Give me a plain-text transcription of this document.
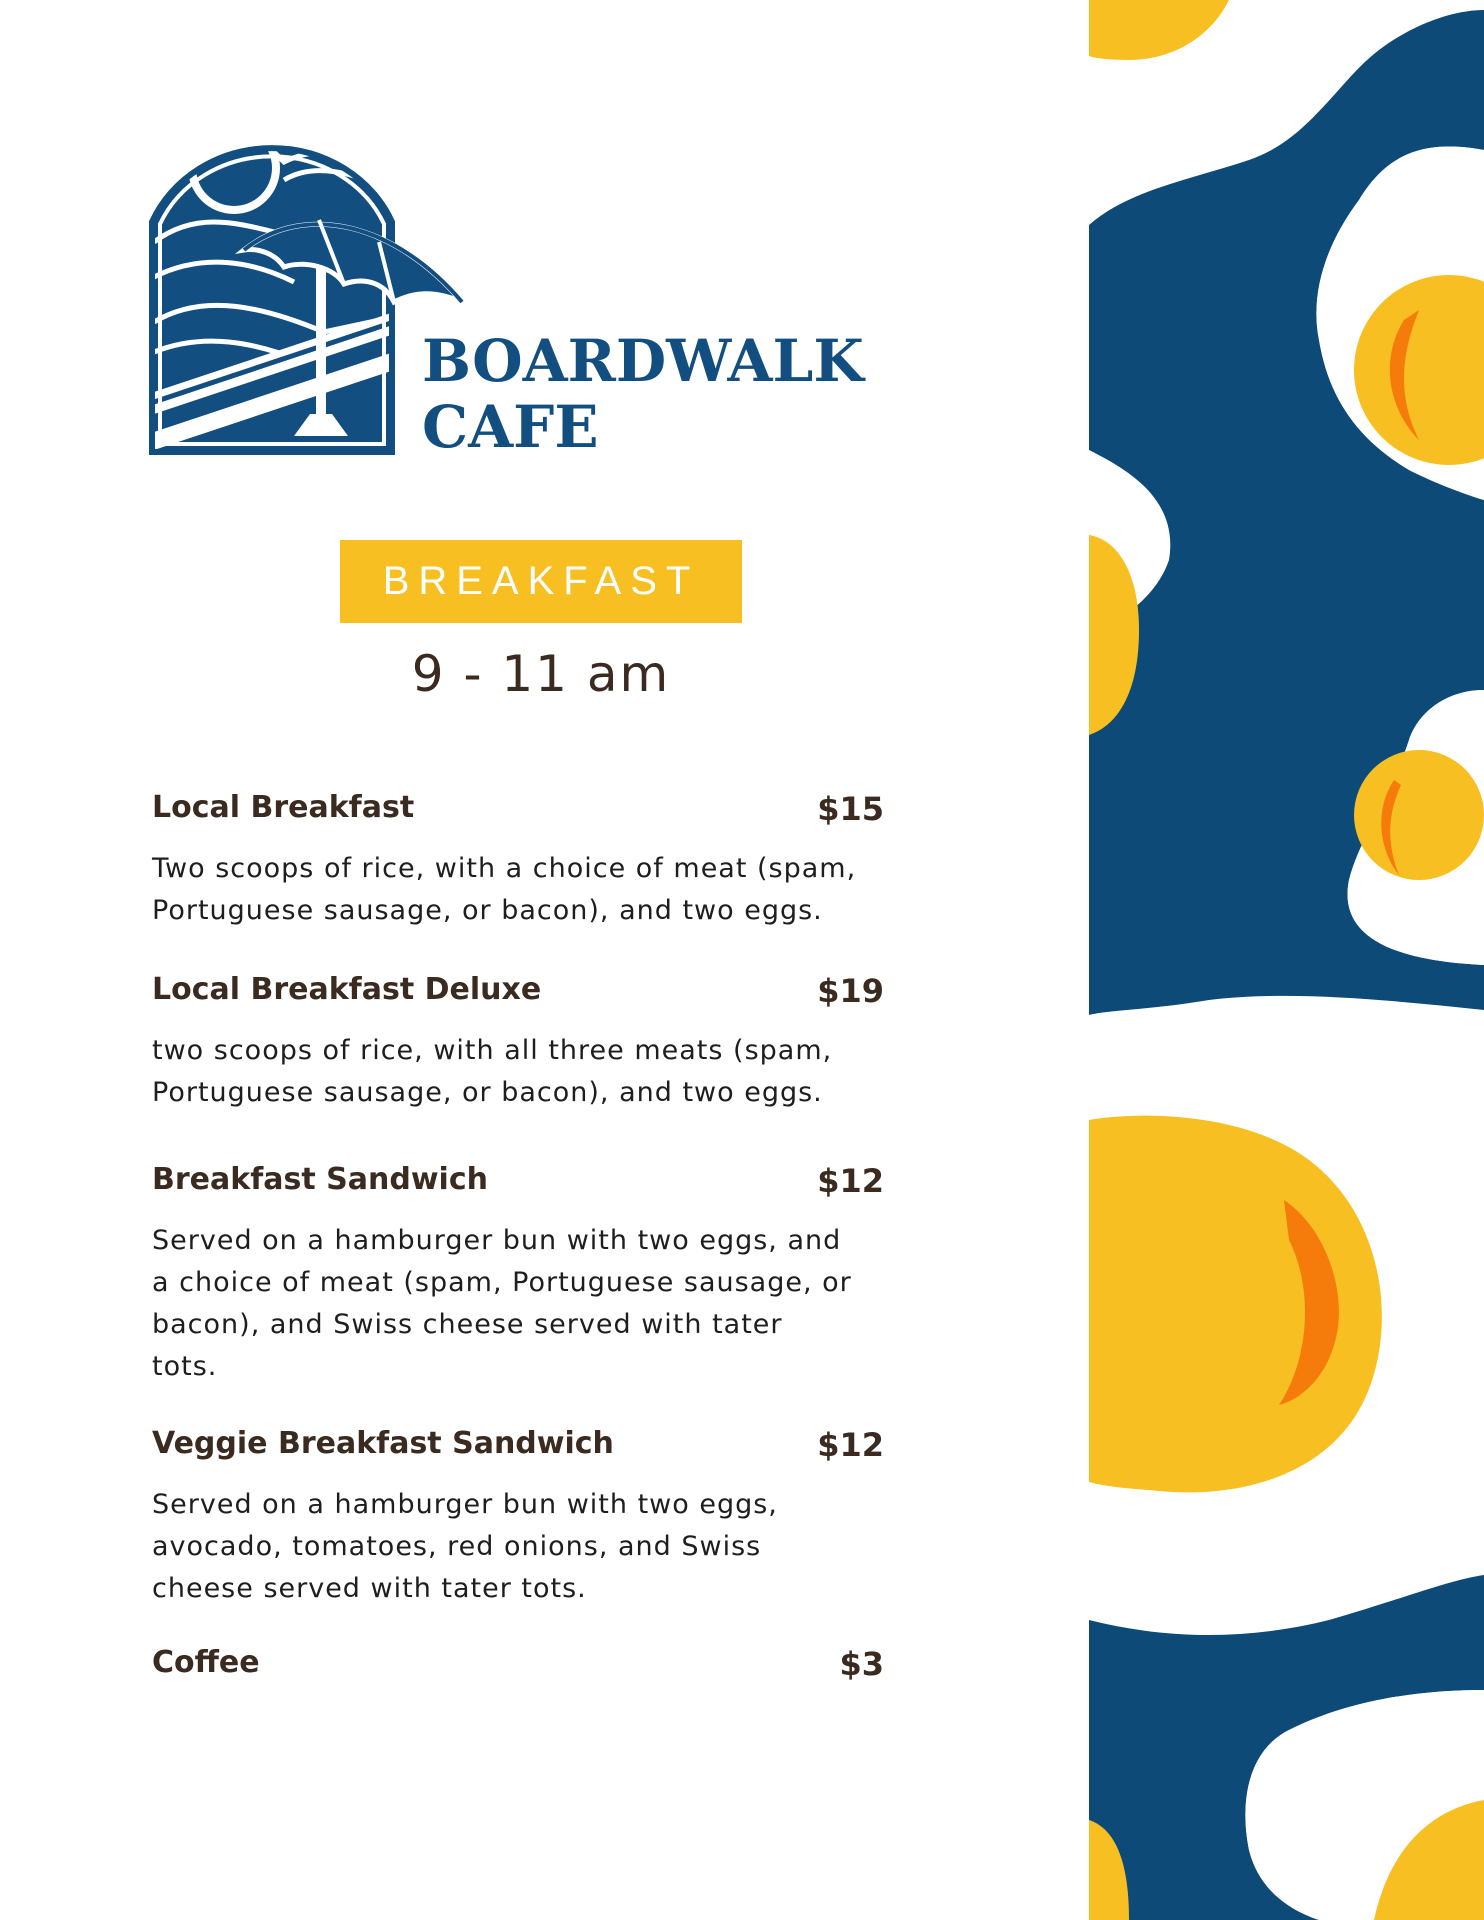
BOARDWALK
CAFE
BREAKFAST
9 - 11 am
Local Breakfast	$15
Two scoops of rice, with a choice of meat (spam, Portuguese sausage, or bacon), and two eggs.
Local Breakfast Deluxe	$19
two scoops of rice, with all three meats (spam, Portuguese sausage, or bacon), and two eggs.
Breakfast Sandwich	$12
Served on a hamburger bun with two eggs, and a choice of meat (spam, Portuguese sausage, or bacon), and Swiss cheese served with tater tots.
Veggie Breakfast Sandwich	$12
Served on a hamburger bun with two eggs, avocado, tomatoes, red onions, and Swiss cheese served with tater tots.
Coffee	$3
